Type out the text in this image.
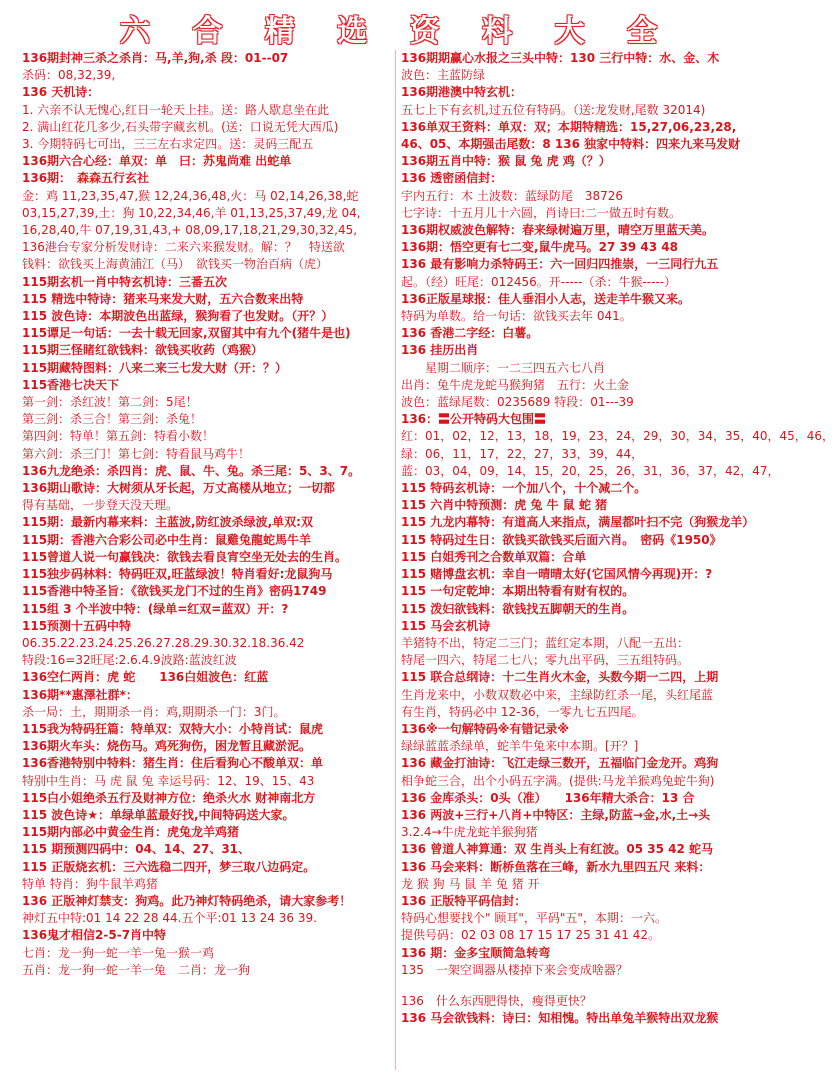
六 合 精 选 资 料 大 全
136期封神三杀之杀肖：马,羊,狗,杀 段：01--07
杀码：08,32,39,
136 天机诗：
1. 六亲不认无愧心,红日一轮天上挂。送：路人歇息坐在此
2. 满山红花几多少,石头带字藏玄机。(送：口说无凭大西瓜)
3. 今期特码七可出，三三左右求定四。送：灵码三配五
136期六合心经：单双：单　曰：苏鬼尚难 出蛇单
136期：　森森五行玄社
金：鸡 11,23,35,47,猴 12,24,36,48,火：马 02,14,26,38,蛇
03,15,27,39,土：狗 10,22,34,46,羊 01,13,25,37,49,龙 04,
16,28,40,牛 07,19,31,43,+ 08,09,17,18,21,29,30,32,45,
136港台专家分析发财诗：二来六来猴发财。解：？　特送欲
钱料：欲钱买上海黄浦江（马）　欲钱买一物治百病（虎）
115期玄机一肖中特玄机诗：三番五次
115 精选中特诗：猪来马来发大财，五六合数来出特
115 波色诗：本期波色出蓝绿，猴狗看了也发财。（开？）
115谭足一句话：一去十载无回家,双留其中有九个(猪牛是也)
115期三怪睹红欲钱料：欲钱买收药（鸡猴）
115期藏特图料：八来二来三七发大财（开：？）
115香港七决天下
第一剑：杀红波！第二剑：5尾！
第三剑：杀三合！第三剑：杀兔！
第四剑：特单！第五剑：特看小数！
第六剑：杀三门！第七剑：特看鼠马鸡牛！
136九龙绝杀：杀四肖：虎、鼠、牛、兔。杀三尾：5、3、7。
136期山歌诗：大树须从牙长起，万丈高楼从地立；一切都
得有基础，一步登天没天理。
115期：最新内幕来料：主蓝波,防红波杀绿波,单双:双
115期：香港六合彩公司必中生肖：鼠雞兔龍蛇馬牛羊
115曾道人说一句赢钱决：欲钱去看良宵空坐无处去的生肖。
115独步码林料：特码旺双,旺蓝绿波！特肖看好:龙鼠狗马
115香港中特圣旨：《欲钱买龙门不过的生肖》密码1749
115组 3 个半波中特：(绿单=红双=蓝双）开：?
115预测十五码中特
06.35.22.23.24.25.26.27.28.29.30.32.18.36.42
特段:16=32旺尾:2.6.4.9波路:蓝波红波
136空仁两肖：虎 蛇　　136白姐波色：红蓝
136期**惠澤社群*：
杀一局：土，期期杀一肖：鸡,期期杀一门：3门。
115我为特码狂篇：特单双：双特大小：小特肖试：鼠虎
136期火车头：烧伤马。鸡死狗伤，困龙暂且藏淤泥。
136香港特别中特料：猪生肖：住后看狗心不酸单双：单
特别中生肖：马 虎 鼠 兔 幸运号码：12、19、15、43
115白小姐绝杀五行及财神方位：绝杀火水 财神南北方
115 波色诗★：单绿单蓝最好找,中间特码送大家。
115期内部必中黄金生肖：虎兔龙羊鸡猪
115 期预测四码中：04、14、27、31、
115 正版烧玄机：三六选稳二四开，梦三取八边码定。
特单 特肖：狗牛鼠羊鸡猪
136 正版神灯禁支：狗鸡。此乃神灯特码绝杀，请大家参考！
神灯五中特:01 14 22 28 44.五个平:01 13 24 36 39.
136鬼才相信2-5-7肖中特
七肖：龙一狗一蛇一羊一兔一猴一鸡
五肖：龙一狗一蛇一羊一兔　二肖：龙一狗
136期期赢心水报之三头中特：130 三行中特：水、金、木
波色：主蓝防绿
136期港澳中特玄机：
五七上下有玄机,过五位有特码。（送:龙发财,尾数 32014)
136单双王资料：单双：双；本期特精选：15,27,06,23,28,
46、05、本期强击尾数：8 136 独家中特料：四来九来马发财
136期五肖中特：猴 鼠 兔 虎 鸡（？）
136 透密函信封：
宇内五行：木 土波数：蓝绿防尾　38726
七字诗：十五月儿十六圆，肖诗曰:二一做五时有数。
136期权威波色解特：春来绿树遍万里，晴空万里蓝天美。
136期：悟空更有七二变,鼠牛虎马。27 39 43 48
136 最有影响力杀特码王：六一回归四推崇，一三同行九五
起。（经）旺尾：012456。开-----（杀：牛猴-----）
136正版星球报：佳人垂泪小人志，送走羊牛猴又来。
特码为单数。给一句话：欲钱买去年 041。
136 香港二字经：白薯。
136 挂历出肖
　　星期二顺序：一二三四五六七八肖
出肖：兔牛虎龙蛇马猴狗猪　五行：火土金
波色：蓝绿尾数：0235689 特段：01---39
136：〓公开特码大包围〓
红：01，02，12，13，18，19，23，24，29，30，34，35，40，45，46，
绿：06，11，17，22，27，33，39，44，
蓝：03，04，09，14，15，20，25，26，31，36，37，42，47，
115 特码玄机诗：一个加八个，十个减二个。
115 六肖中特预测：虎 兔 牛 鼠 蛇 猪
115 九龙内幕特：有道高人来指点，满屋都叶扫不完（狗猴龙羊）
115 特码过生日：欲钱买欲钱买后面六肖。　密码《1950》
115 白姐秀刊之合数单双篇：合单
115 赌博盘玄机：幸自一晴晴太好(它国风情今再现)开：?
115 一句定乾坤：本期出特看有财有权的。
115 泼妇欲钱料：欲钱找五脚朝天的生肖。
115 马会玄机诗
羊猪特不出，特定二三门；蓝红定本期，八配一五出：
特尾一四六，特尾二七八；零九出平码，三五组特码。
115 联合总纲诗：十二生肖火木金，头数今期一二四，上期
生肖龙来中，小数双数必中来，主绿防红杀一尾，头红尾蓝
有生肖，特码必中 12-36，一零九七五四尾。
136※一句解特码※有错记录※
绿绿蓝蓝杀绿单，蛇羊牛兔来中本期。[开？]
136 藏金打油诗：飞江走绿三数开，五福临门金龙开。鸡狗
相争蛇三合，出个小码五字满。(提供:马龙羊猴鸡兔蛇牛狗)
136 金库杀头：0头（准）　　136年精大杀合：13 合
136 两波+三行+八肖+中特区：主绿,防蓝→金,水,土→头
3.2.4→牛虎龙蛇羊猴狗猪
136 曾道人神算通：双 生肖头上有红波。05 35 42 蛇马
136 马会来料：断桥鱼落在三峰，新水九里四五尺 来料：
龙 猴 狗 马 鼠 羊 兔 猪 开
136 正版特平码信封：
特码心想要找个" 顾耳"，平码"五"，本期：一六。
提供号码：02 03 08 17 15 17 25 31 41 42。
136 期：金多宝顺简急转弯
135　一架空调器从楼掉下来会变成啥器？
136　什么东西肥得快，瘦得更快？
136 马会欲钱料：诗曰：知相愧。特出单兔羊猴特出双龙猴
